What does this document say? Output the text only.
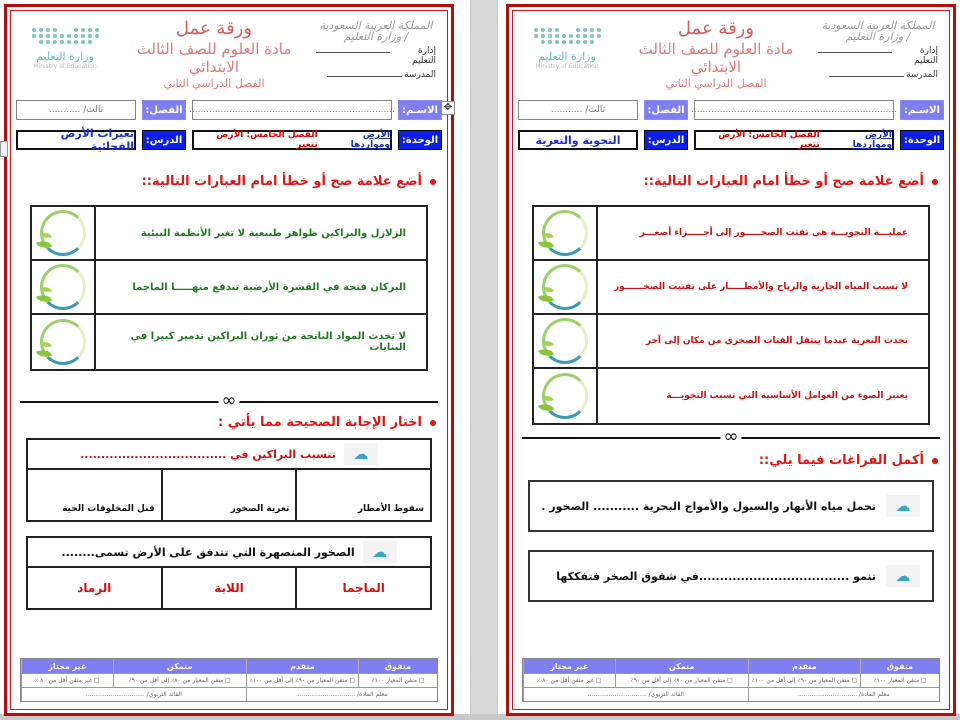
المملكة العربية السعودية / وزارة التعليم
إدارة التعليم
المدرسة
ورقة عمل
مادة العلوم للصف الثالث الابتدائي
الفصل الدراسي الثاني
وزارة التعليم
Ministry of Education
الاسـم:
........................................................................
الفصل:
ثالث/ ...........
الوحدة:
الأرض ومواردها
الفصل الخامس: الأرض تتغير
الدرس:
تغيرات الأرض الفجائية
أضع علامة صح أو خطأ امام العبارات التالية::
الزلازل والبراكين ظواهر طبيعية لا تغير الأنظمة البيئية
البركان فتحة في القشرة الأرضية تتدفع منهـــــا الماجما
لا تحدث المواد الناتجة من ثوران البراكين تدمير كبيرا في البنايات
∞
اختار الإجابة الصحيحة مما يأتي :
☁
تتسبب البراكين في ...................................
سقوط الأمطار
تعرية الصخور
قتل المخلوقات الحية
☁
الصخور المنصهرة التي تتدفق على الأرض تسمى........
الماجما
اللابة
الرماد
متفوق
متقدم
متمكن
غير مجتاز
□ متقن المعيار ١٠٠٪
□ متقن المعيار من ٩٠٪ إلى أقل من ١٠٠٪
□ متقن المعيار من ٨٠٪ إلى أقل من ٩٠٪
□ غير متقن أقل من ٨٠ ٪
معلم المادة/ ...............................
القائد التربوي/ ...............................
المملكة العربية السعودية / وزارة التعليم
إدارة التعليم
المدرسة
ورقة عمل
مادة العلوم للصف الثالث الابتدائي
الفصل الدراسي الثاني
وزارة التعليم
Ministry of Education
الاسـم:
........................................................................
الفصل:
ثالث/ ...........
الوحدة:
الأرض ومواردها
الفصل الخامس: الأرض تتغير
الدرس:
التجوية والتعرية
أضع علامة صح أو خطأ امام العبارات التالية::
عمليـــة التجويـــة هي تفتت الصخـــــور إلى أجـــــزاء أصغـــر
لا تسبب المياه الجارية والرياح والأمطـــــار على تفتيت الصخــــــور
تحدث التعرية عندما ينتقل الفتات الصخري من مكان إلى آخر
يعتبر الضوء من العوامل الأساسية التي تسبب التجويـــة
∞
أكمل الفراغات فيما يلي::
☁
تحمل مياه الأنهار والسيول والأمواج البحرية ........... الصخور .
☁
تنمو ....................................في شقوق الصخر فتفككها
متفوق
متقدم
متمكن
غير مجتاز
□ متقن المعيار ١٠٠٪
□ متقن المعيار من ٩٠٪ إلى أقل من ١٠٠٪
□ متقن المعيار من ٨٠٪ إلى أقل من ٩٠٪
□ غير متقن أقل من ٨٠ ٪
معلم المادة/ ...............................
القائد التربوي/ ...............................
✥
